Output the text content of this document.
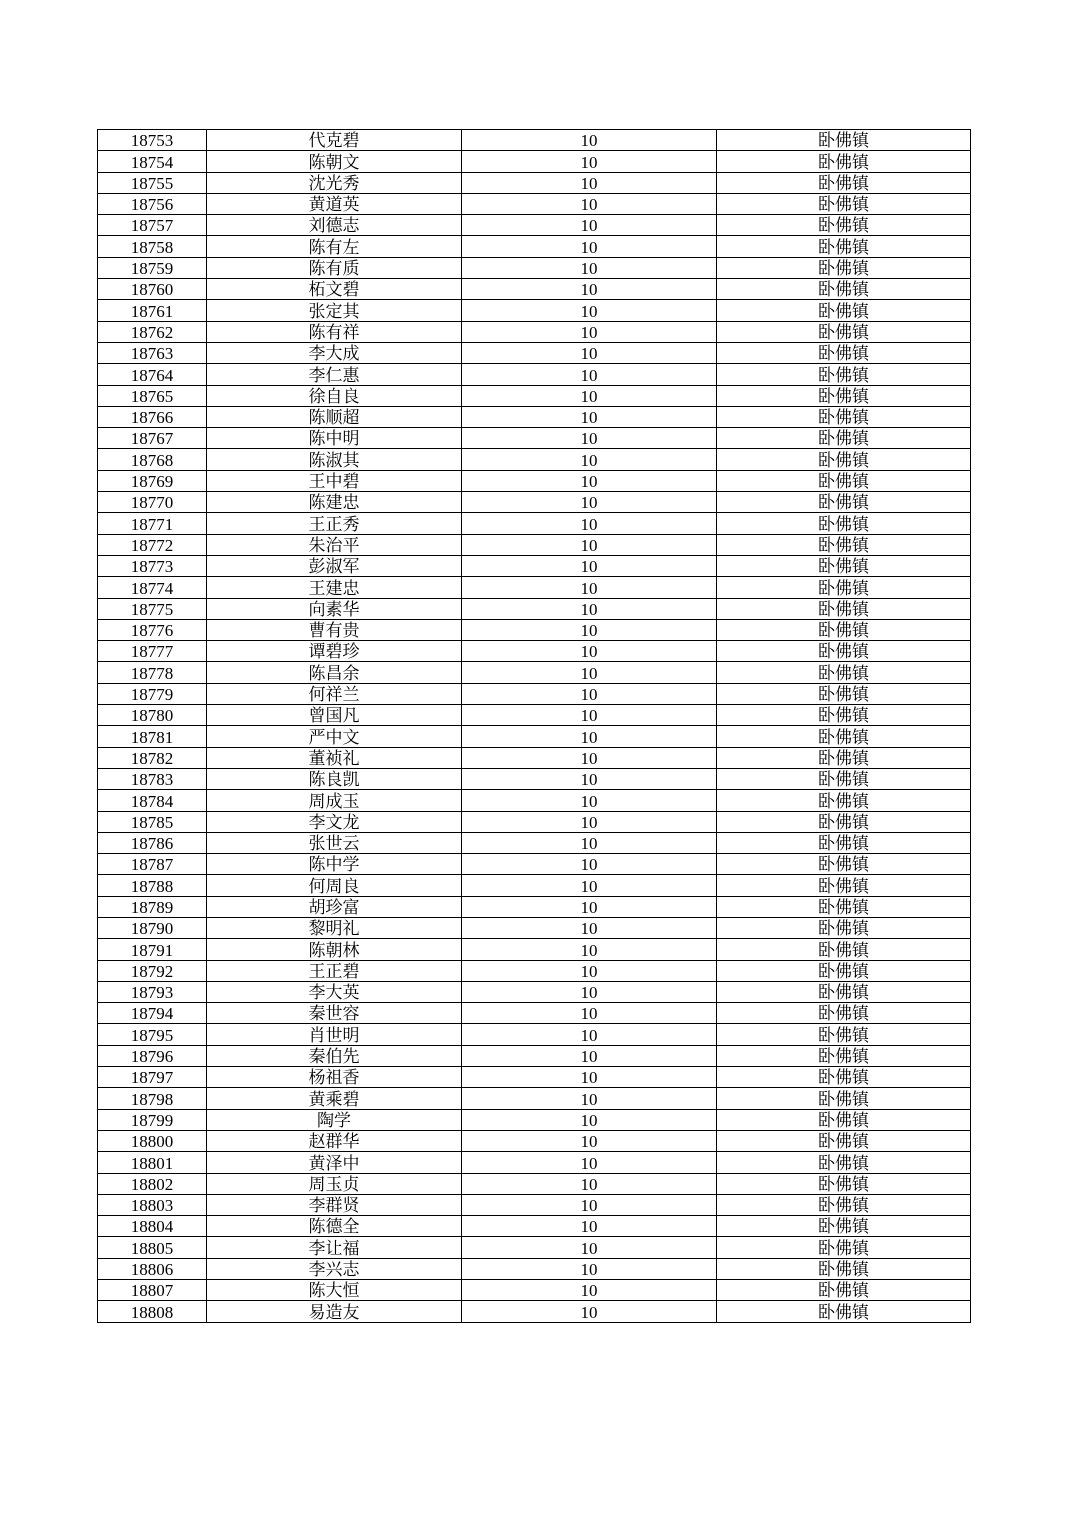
18753	代克碧	10	卧佛镇
18754	陈朝文	10	卧佛镇
18755	沈光秀	10	卧佛镇
18756	黄道英	10	卧佛镇
18757	刘德志	10	卧佛镇
18758	陈有左	10	卧佛镇
18759	陈有质	10	卧佛镇
18760	柘文碧	10	卧佛镇
18761	张定其	10	卧佛镇
18762	陈有祥	10	卧佛镇
18763	李大成	10	卧佛镇
18764	李仁惠	10	卧佛镇
18765	徐自良	10	卧佛镇
18766	陈顺超	10	卧佛镇
18767	陈中明	10	卧佛镇
18768	陈淑其	10	卧佛镇
18769	王中碧	10	卧佛镇
18770	陈建忠	10	卧佛镇
18771	王正秀	10	卧佛镇
18772	朱治平	10	卧佛镇
18773	彭淑军	10	卧佛镇
18774	王建忠	10	卧佛镇
18775	向素华	10	卧佛镇
18776	曹有贵	10	卧佛镇
18777	谭碧珍	10	卧佛镇
18778	陈昌余	10	卧佛镇
18779	何祥兰	10	卧佛镇
18780	曾国凡	10	卧佛镇
18781	严中文	10	卧佛镇
18782	董祯礼	10	卧佛镇
18783	陈良凯	10	卧佛镇
18784	周成玉	10	卧佛镇
18785	李文龙	10	卧佛镇
18786	张世云	10	卧佛镇
18787	陈中学	10	卧佛镇
18788	何周良	10	卧佛镇
18789	胡珍富	10	卧佛镇
18790	黎明礼	10	卧佛镇
18791	陈朝林	10	卧佛镇
18792	王正碧	10	卧佛镇
18793	李大英	10	卧佛镇
18794	秦世容	10	卧佛镇
18795	肖世明	10	卧佛镇
18796	秦伯先	10	卧佛镇
18797	杨祖香	10	卧佛镇
18798	黄乘碧	10	卧佛镇
18799	陶学	10	卧佛镇
18800	赵群华	10	卧佛镇
18801	黄泽中	10	卧佛镇
18802	周玉贞	10	卧佛镇
18803	李群贤	10	卧佛镇
18804	陈德全	10	卧佛镇
18805	李让福	10	卧佛镇
18806	李兴志	10	卧佛镇
18807	陈大恒	10	卧佛镇
18808	易造友	10	卧佛镇
